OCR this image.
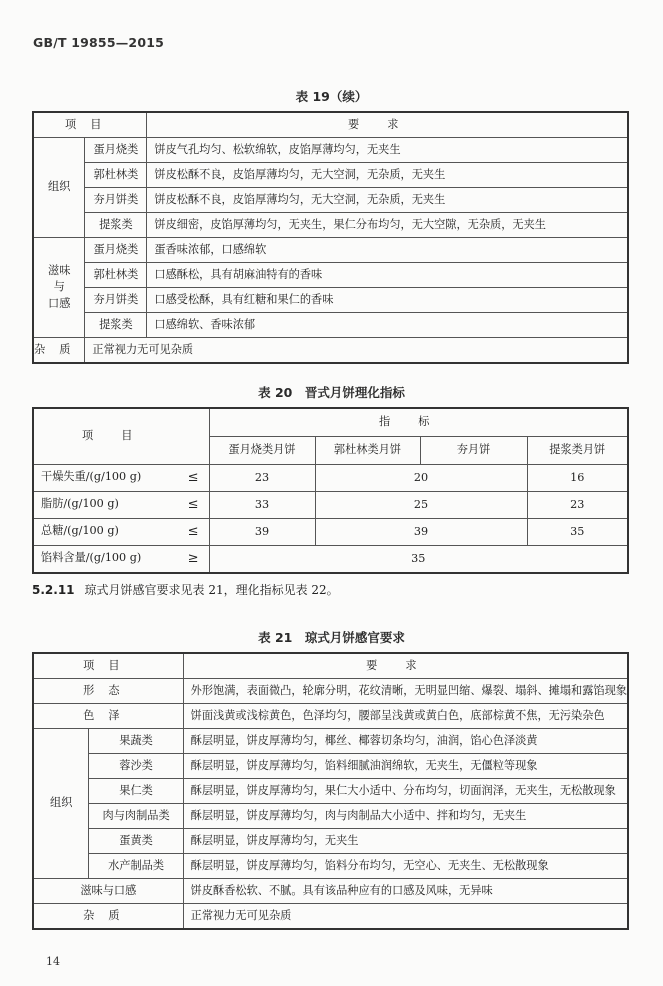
GB/T 19855—2015
表 19（续）
项目		要求
组织	蛋月烧类	饼皮气孔均匀、松软绵软，皮馅厚薄均匀，无夹生
	郭杜林类	饼皮松酥不良，皮馅厚薄均匀，无大空洞，无杂质，无夹生
	夯月饼类	饼皮松酥不良，皮馅厚薄均匀，无大空洞，无杂质，无夹生
	提浆类	饼皮细密，皮馅厚薄均匀，无夹生，果仁分布均匀，无大空隙，无杂质，无夹生

滋味
与
口感	蛋月烧类	蛋香味浓郁，口感绵软
	郭杜林类	口感酥松，具有胡麻油特有的香味
	夯月饼类	口感受松酥，具有红糖和果仁的香味
	提浆类	口感绵软、香味浓郁
杂质	正常视力无可见杂质	
表 20　晋式月饼理化指标
项目	指标			
	蛋月烧类月饼	郭杜林类月饼	夯月饼	提浆类月饼
干燥失重/(g/100 g) ≤	23	20		16
脂肪/(g/100 g) ≤	33	25		23
总糖/(g/100 g) ≤	39	39		35
馅料含量/(g/100 g) ≥	35			
5.2.11 琼式月饼感官要求见表 21，理化指标见表 22。
表 21　琼式月饼感官要求
项目		要求
形态		外形饱满，表面微凸，轮廓分明，花纹清晰，无明显凹缩、爆裂、塌斜、摊塌和露馅现象
色泽		饼面浅黄或浅棕黄色，色泽均匀，腰部呈浅黄或黄白色，底部棕黄不焦，无污染杂色
组织	果蔬类	酥层明显，饼皮厚薄均匀，椰丝、椰蓉切条均匀，油润，馅心色泽淡黄
	蓉沙类	酥层明显，饼皮厚薄均匀，馅料细腻油润绵软，无夹生，无僵粒等现象
	果仁类	酥层明显，饼皮厚薄均匀，果仁大小适中、分布均匀，切面润泽，无夹生，无松散现象
	肉与肉制品类	酥层明显，饼皮厚薄均匀，肉与肉制品大小适中、拌和均匀，无夹生
	蛋黄类	酥层明显，饼皮厚薄均匀，无夹生
	水产制品类	酥层明显，饼皮厚薄均匀，馅料分布均匀，无空心、无夹生、无松散现象
滋味与口感		饼皮酥香松软、不腻。具有该品种应有的口感及风味，无异味
杂质		正常视力无可见杂质
14
